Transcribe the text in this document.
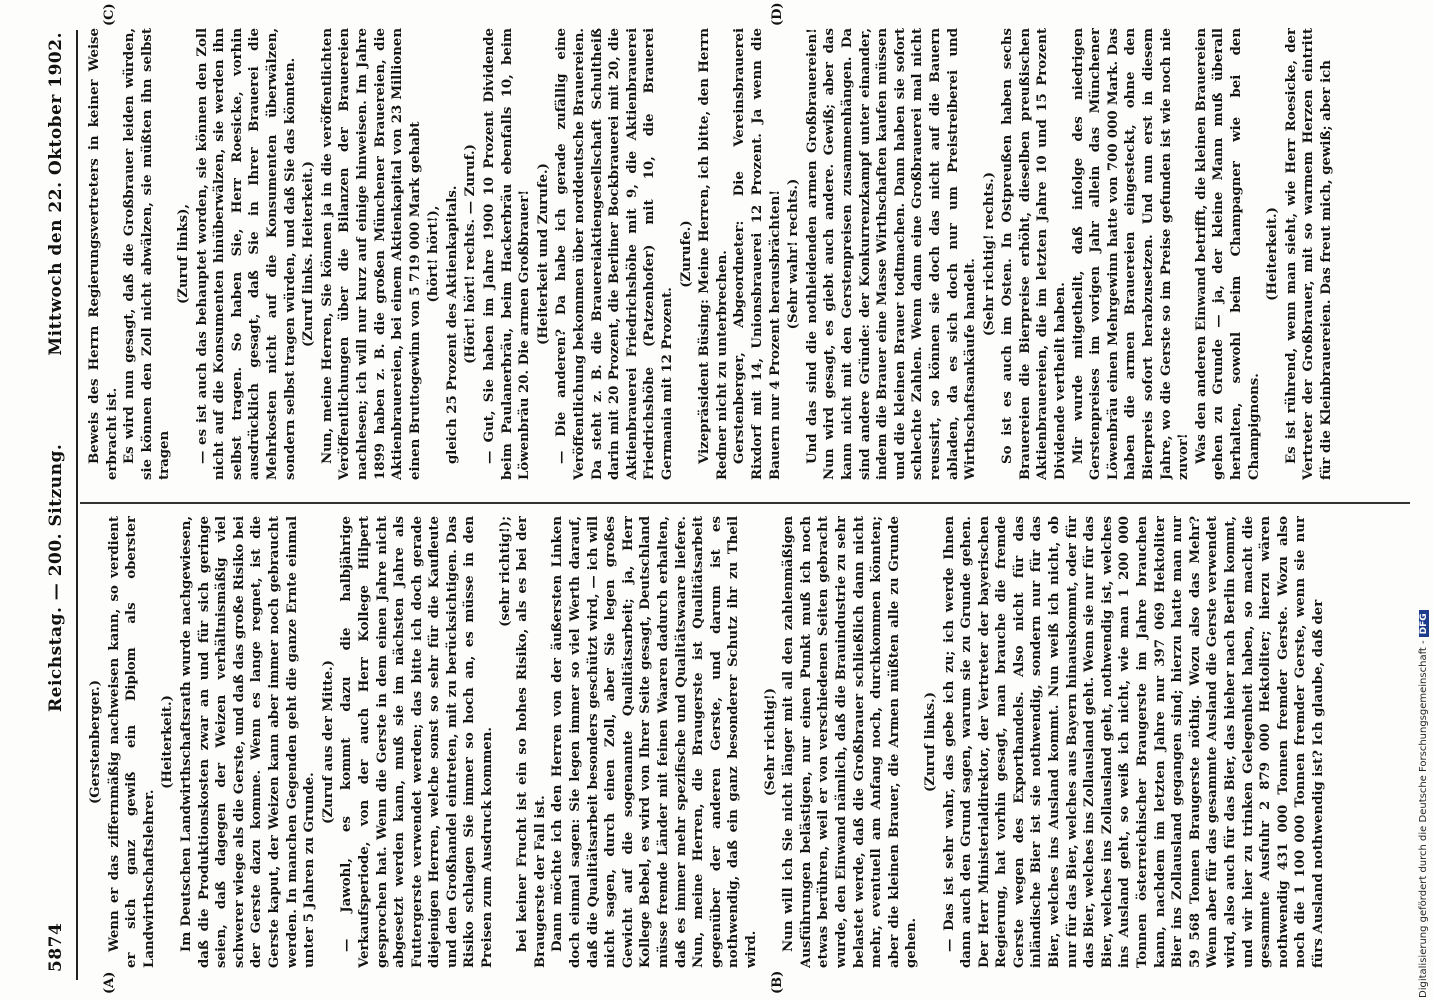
5874
Reichstag. — 200. Sitzung.
Mittwoch den 22. Oktober 1902.
(A)	(B)
(C)	(D)

(Gerstenberger.) Wenn er das ziffernmäßig nachweisen kann, so verdient er sich ganz gewiß ein Diplom als oberster Landwirthschaftslehrer.

(Heiterkeit.) Im Deutschen Landwirthschaftsrath wurde nachgewiesen, daß die Produktionskosten zwar an und für sich geringe seien, daß dagegen der Weizen verhältnismäßig viel schwerer wiege als die Gerste, und daß das große Risiko bei der Gerste dazu komme. Wenn es lange regnet, ist die Gerste kaput, der Weizen kann aber immer noch gebraucht werden. In manchen Gegenden geht die ganze Ernte einmal unter 5 Jahren zu Grunde.

(Zuruf aus der Mitte.) — Jawohl, es kommt dazu die halbjährige Verkaufsperiode, von der auch Herr Kollege Hilpert gesprochen hat. Wenn die Gerste in dem einen Jahre nicht abgesetzt werden kann, muß sie im nächsten Jahre als Futtergerste verwendet werden; das bitte ich doch gerade diejenigen Herren, welche sonst so sehr für die Kaufleute und den Großhandel eintreten, mit zu berücksichtigen. Das Risiko schlagen Sie immer so hoch an, es müsse in den Preisen zum Ausdruck kommen.

(sehr richtig!); bei keiner Frucht ist ein so hohes Risiko, als es bei der Braugerste der Fall ist. Dann möchte ich den Herren von der äußersten Linken doch einmal sagen: Sie legen immer so viel Werth darauf, daß die Qualitätsarbeit besonders geschützt wird, — ich will nicht sagen, durch einen Zoll, aber Sie legen großes Gewicht auf die sogenannte Qualitätsarbeit; ja, Herr Kollege Bebel, es wird von Ihrer Seite gesagt, Deutschland müsse fremde Länder mit feinen Waaren dadurch erhalten, daß es immer mehr spezifische und Qualitätswaare liefere. Nun, meine Herren, die Braugerste ist Qualitätsarbeit gegenüber der anderen Gerste, und darum ist es nothwendig, daß ein ganz besonderer Schutz ihr zu Theil wird.

(Sehr richtig!) Nun will ich Sie nicht länger mit all den zahlenmäßigen Ausführungen belästigen, nur einen Punkt muß ich noch etwas berühren, weil er von verschiedenen Seiten gebracht wurde, den Einwand nämlich, daß die Brauindustrie zu sehr belastet werde, daß die Großbrauer schließlich dann nicht mehr, eventuell am Anfang noch, durchkommen könnten; aber die kleinen Brauer, die Armen müßten alle zu Grunde gehen.

(Zuruf links.) — Das ist sehr wahr, das gebe ich zu; ich werde Ihnen dann auch den Grund sagen, warum sie zu Grunde gehen. Der Herr Ministerialdirektor, der Vertreter der bayerischen Regierung, hat vorhin gesagt, man brauche die fremde Gerste wegen des Exporthandels. Also nicht für das inländische Bier ist sie nothwendig, sondern nur für das Bier, welches ins Ausland kommt. Nun weiß ich nicht, ob nur für das Bier, welches aus Bayern hinauskommt, oder für das Bier, welches ins Zollausland geht. Wenn sie nur für das Bier, welches ins Zollausland geht, nothwendig ist, welches ins Ausland geht, so weiß ich nicht, wie man 1 200 000 Tonnen österreichischer Braugerste im Jahre brauchen kann, nachdem im letzten Jahre nur 397 069 Hektoliter Bier ins Zollausland gegangen sind; hierzu hatte man nur 59 568 Tonnen Braugerste nöthig. Wozu also das Mehr? Wenn aber für das gesammte Ausland die Gerste verwendet wird, also auch für das Bier, das hieher nach Berlin kommt, und wir hier zu trinken Gelegenheit haben, so macht die gesammte Ausfuhr 2 879 000 Hektoliter; hierzu wären nothwendig 431 000 Tonnen fremder Gerste. Wozu also noch die 1 100 000 Tonnen fremder Gerste, wenn sie nur fürs Ausland nothwendig ist? Ich glaube, daß der

Beweis des Herrn Regierungsvertreters in keiner Weise erbracht ist. Es wird nun gesagt, daß die Großbrauer leiden würden, sie können den Zoll nicht abwälzen, sie müßten ihn selbst tragen

(Zuruf links), — es ist auch das behauptet worden, sie können den Zoll nicht auf die Konsumenten hinüberwälzen, sie werden ihn selbst tragen. So haben Sie, Herr Roesicke, vorhin ausdrücklich gesagt, daß Sie in Ihrer Brauerei die Mehrkosten nicht auf die Konsumenten überwälzen, sondern selbst tragen würden, und daß Sie das könnten. (Zuruf links. Heiterkeit.) Nun, meine Herren, Sie können ja in die veröffentlichten Veröffentlichungen über die Bilanzen der Brauereien nachlesen; ich will nur kurz auf einige hinweisen. Im Jahre 1899 haben z. B. die großen Münchener Brauereien, die Aktienbrauereien, bei einem Aktienkapital von 23 Millionen einen Bruttogewinn von 5 719 000 Mark gehabt (hört! hört!), gleich 25 Prozent des Aktienkapitals. (Hört! hört! rechts. — Zuruf.) — Gut, Sie haben im Jahre 1900 10 Prozent Dividende beim Paulanerbräu, beim Hackerbräu ebenfalls 10, beim Löwenbräu 20. Die armen Großbrauer! (Heiterkeit und Zurufe.) — Die anderen? Da habe ich gerade zufällig eine Veröffentlichung bekommen über norddeutsche Brauereien. Da steht z. B. die Brauereiaktiengesellschaft Schultheiß darin mit 20 Prozent, die Berliner Bockbrauerei mit 20, die Aktienbrauerei Friedrichshöhe mit 9, die Aktienbrauerei Friedrichshöhe (Patzenhofer) mit 10, die Brauerei Germania mit 12 Prozent.

(Zurufe.) Vizepräsident Büsing: Meine Herren, ich bitte, den Herrn Redner nicht zu unterbrechen. Gerstenberger, Abgeordneter: Die Vereinsbrauerei Rixdorf mit 14, Unionsbrauerei 12 Prozent. Ja wenn die Bauern nur 4 Prozent herausbrächten! (Sehr wahr! rechts.) Und das sind die nothleidenden armen Großbrauereien! Nun wird gesagt, es giebt auch andere. Gewiß; aber das kann nicht mit den Gerstenpreisen zusammenhängen. Da sind andere Gründe: der Konkurrenzkampf unter einander, indem die Brauer eine Masse Wirthschaften kaufen müssen und die kleinen Brauer todtmachen. Dann haben sie sofort schlechte Zahlen. Wenn dann eine Großbrauerei mal nicht reussirt, so können sie doch das nicht auf die Bauern abladen, da es sich doch nur um Preistreiberei und Wirthschaftsankäufe handelt.

(Sehr richtig! rechts.) So ist es auch im Osten. In Ostpreußen haben sechs Brauereien die Bierpreise erhöht, dieselben preußischen Aktienbrauereien, die im letzten Jahre 10 und 15 Prozent Dividende vertheilt haben. Mir wurde mitgetheilt, daß infolge des niedrigen Gerstenpreises im vorigen Jahr allein das Münchener Löwenbräu einen Mehrgewinn hatte von 700 000 Mark. Das haben die armen Brauereien eingesteckt, ohne den Bierpreis sofort herabzusetzen. Und nun erst in diesem Jahre, wo die Gerste so im Preise gefunden ist wie noch nie zuvor! Was den anderen Einwand betrifft, die kleinen Brauereien gehen zu Grunde — ja, der kleine Mann muß überall herhalten, sowohl beim Champagner wie bei den Champignons.

(Heiterkeit.) Es ist rührend, wenn man sieht, wie Herr Roesicke, der Vertreter der Großbrauer, mit so warmem Herzen eintritt für die Kleinbrauereien. Das freut mich, gewiß; aber ich

Digitalisierung gefördert durch die Deutsche Forschungsgemeinschaft -DFG
